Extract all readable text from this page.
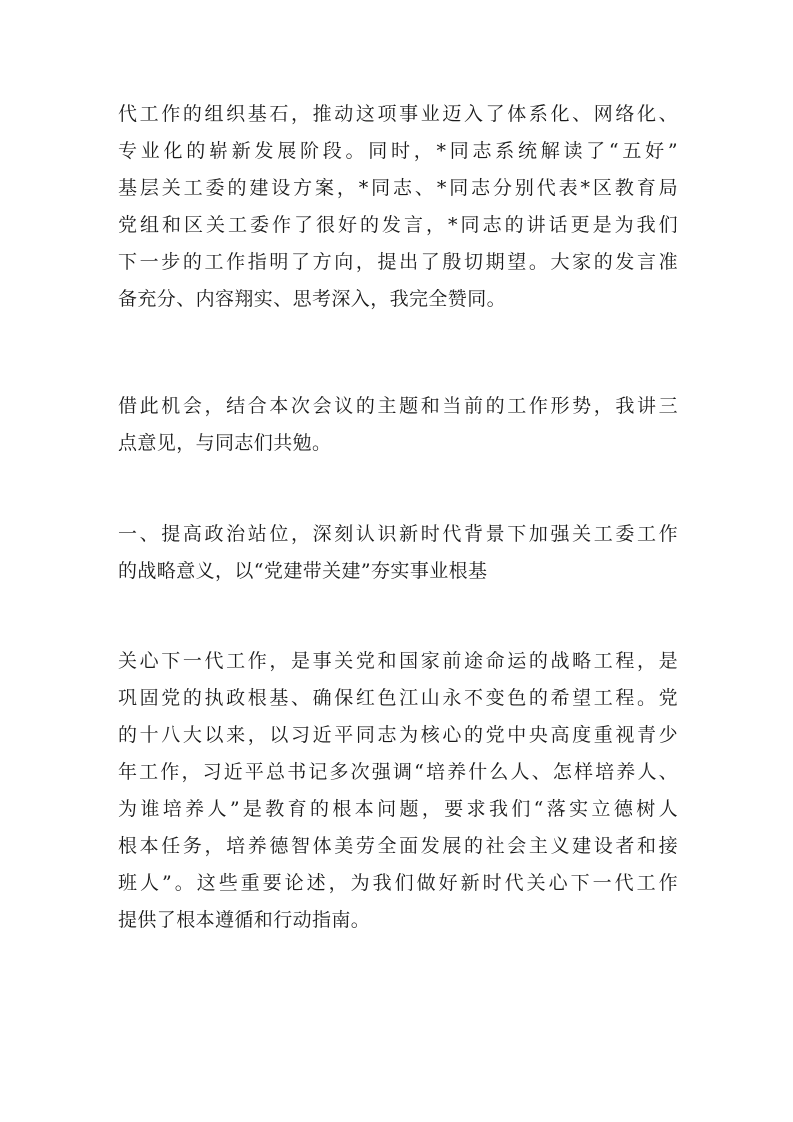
代工作的组织基石，推动这项事业迈入了体系化、网络化、
专业化的崭新发展阶段。同时，*同志系统解读了“五好”
基层关工委的建设方案，*同志、*同志分别代表*区教育局
党组和区关工委作了很好的发言，*同志的讲话更是为我们
下一步的工作指明了方向，提出了殷切期望。大家的发言准
备充分、内容翔实、思考深入，我完全赞同。
借此机会，结合本次会议的主题和当前的工作形势，我讲三
点意见，与同志们共勉。
一、提高政治站位，深刻认识新时代背景下加强关工委工作
的战略意义，以“党建带关建”夯实事业根基
关心下一代工作，是事关党和国家前途命运的战略工程，是
巩固党的执政根基、确保红色江山永不变色的希望工程。党
的十八大以来，以习近平同志为核心的党中央高度重视青少
年工作，习近平总书记多次强调“培养什么人、怎样培养人、
为谁培养人”是教育的根本问题，要求我们“落实立德树人
根本任务，培养德智体美劳全面发展的社会主义建设者和接
班人”。这些重要论述，为我们做好新时代关心下一代工作
提供了根本遵循和行动指南。
